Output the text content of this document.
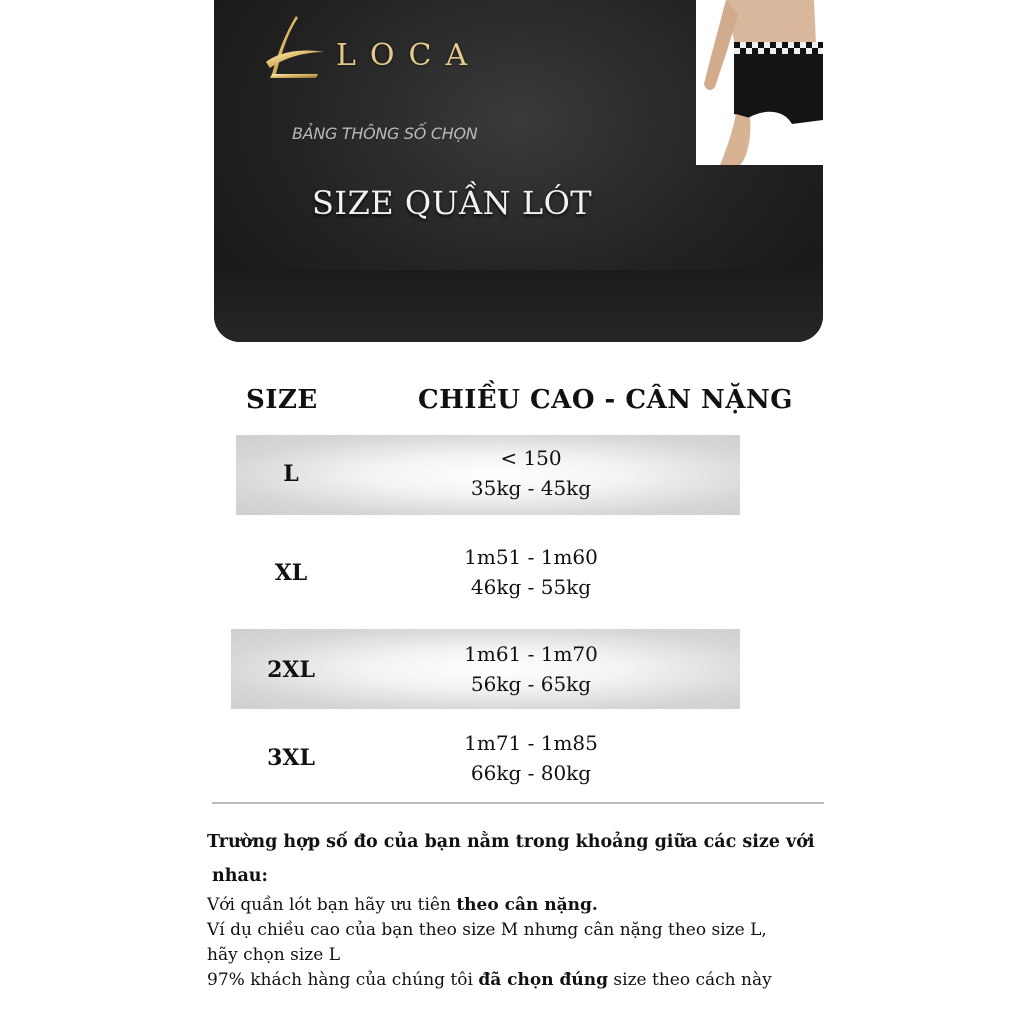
LOCA
BẢNG THÔNG SỐ CHỌN
SIZE QUẦN LÓT
SIZE	CHIỀU CAO - CÂN NẶNG
L
< 150
35kg - 45kg
XL
1m51 - 1m60
46kg - 55kg
2XL
1m61 - 1m70
56kg - 65kg
3XL
1m71 - 1m85
66kg - 80kg
Trường hợp số đo của bạn nằm trong khoảng giữa các size với
nhau:
Với quần lót bạn hãy ưu tiên theo cân nặng.
Ví dụ chiều cao của bạn theo size M nhưng cân nặng theo size L,
hãy chọn size L
97% khách hàng của chúng tôi đã chọn đúng size theo cách này
